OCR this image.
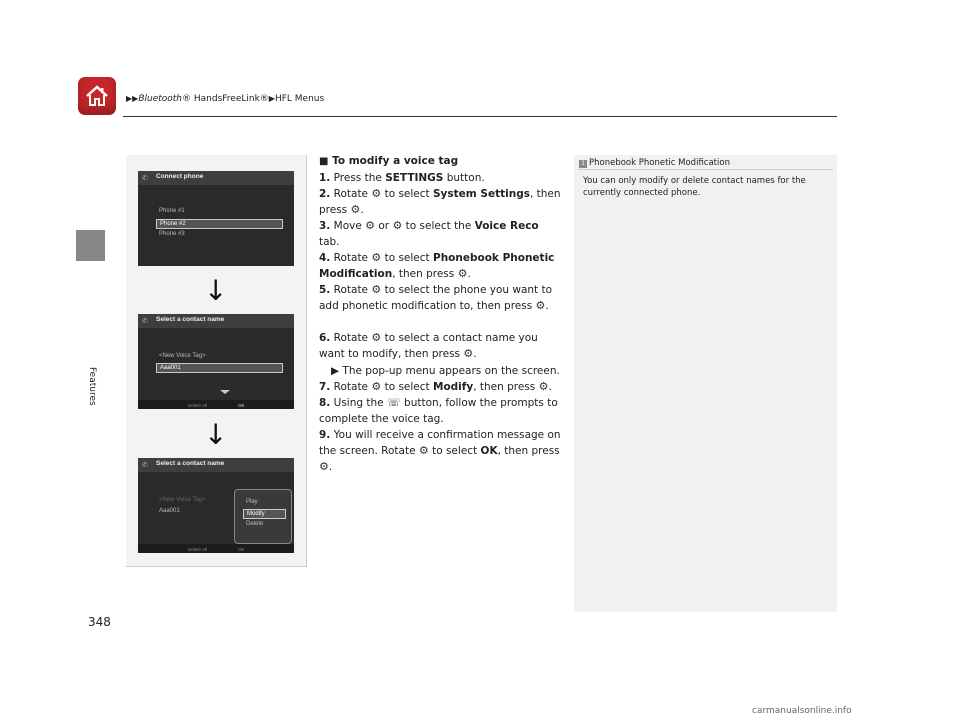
▶▶Bluetooth® HandsFreeLink®▶HFL Menus
Features
348
✆	Connect phone
Phone #1
Phone #2
Phone #3
↓
✆	Select a contact name
<New Voice Tag>
Aaa001
Delete All	OK
↓
✆	Select a contact name
<New Voice Tag>
Aaa001
Play
Modify
Delete
Delete All	OK
■ To modify a voice tag
1. Press the SETTINGS button.
2. Rotate ⚙ to select System Settings, then press ⚙.
3. Move ⚙ or ⚙ to select the Voice Reco tab.
4. Rotate ⚙ to select Phonebook Phonetic Modification, then press ⚙.
5. Rotate ⚙ to select the phone you want to add phonetic modification to, then press ⚙.
6. Rotate ⚙ to select a contact name you want to modify, then press ⚙.
▶ The pop-up menu appears on the screen.
7. Rotate ⚙ to select Modify, then press ⚙.
8. Using the ☏ button, follow the prompts to complete the voice tag.
9. You will receive a confirmation message on the screen. Rotate ⚙ to select OK, then press ⚙.
1 Phonebook Phonetic Modification
You can only modify or delete contact names for the currently connected phone.
carmanualsonline.info
